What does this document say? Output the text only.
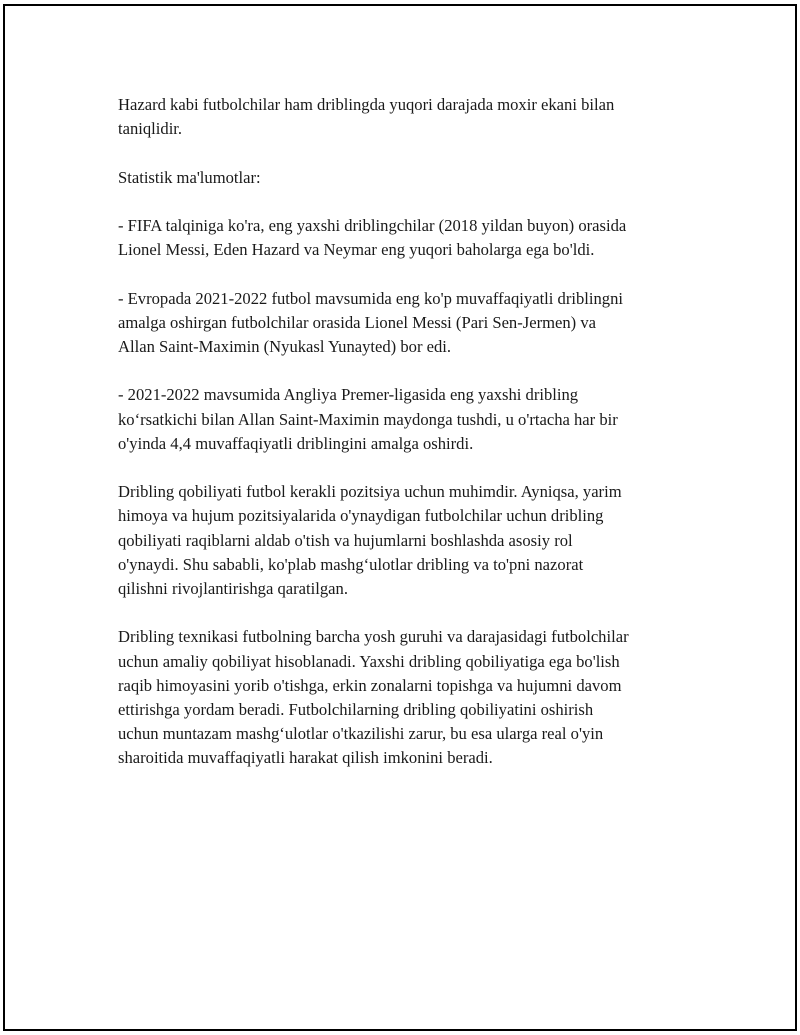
Hazard kabi futbolchilar ham driblingda yuqori darajada moxir ekani bilan
taniqlidir.

Statistik ma'lumotlar:

- FIFA talqiniga ko'ra, eng yaxshi driblingchilar (2018 yildan buyon) orasida
Lionel Messi, Eden Hazard va Neymar eng yuqori baholarga ega bo'ldi.

- Evropada 2021-2022 futbol mavsumida eng ko'p muvaffaqiyatli driblingni
amalga oshirgan futbolchilar orasida Lionel Messi (Pari Sen-Jermen) va
Allan Saint-Maximin (Nyukasl Yunayted) bor edi.

- 2021-2022 mavsumida Angliya Premer-ligasida eng yaxshi dribling
ko‘rsatkichi bilan Allan Saint-Maximin maydonga tushdi, u o'rtacha har bir
o'yinda 4,4 muvaffaqiyatli driblingini amalga oshirdi.

Dribling qobiliyati futbol kerakli pozitsiya uchun muhimdir. Ayniqsa, yarim
himoya va hujum pozitsiyalarida o'ynaydigan futbolchilar uchun dribling
qobiliyati raqiblarni aldab o'tish va hujumlarni boshlashda asosiy rol
o'ynaydi. Shu sababli, ko'plab mashg‘ulotlar dribling va to'pni nazorat
qilishni rivojlantirishga qaratilgan.

Dribling texnikasi futbolning barcha yosh guruhi va darajasidagi futbolchilar
uchun amaliy qobiliyat hisoblanadi. Yaxshi dribling qobiliyatiga ega bo'lish
raqib himoyasini yorib o'tishga, erkin zonalarni topishga va hujumni davom
ettirishga yordam beradi. Futbolchilarning dribling qobiliyatini oshirish
uchun muntazam mashg‘ulotlar o'tkazilishi zarur, bu esa ularga real o'yin
sharoitida muvaffaqiyatli harakat qilish imkonini beradi.
